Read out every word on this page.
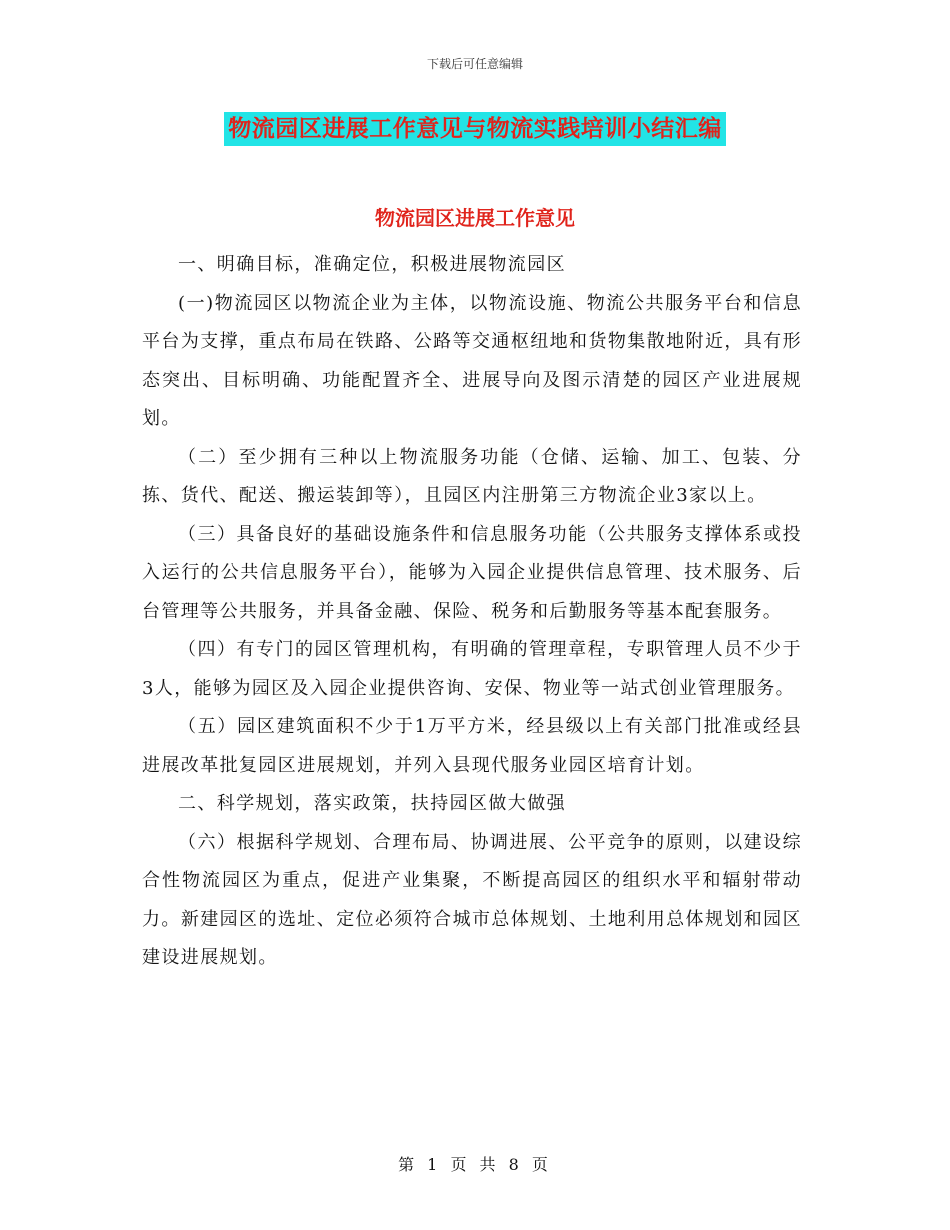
下载后可任意编辑
物流园区进展工作意见与物流实践培训小结汇编
物流园区进展工作意见

一、明确目标，准确定位，积极进展物流园区

(一)物流园区以物流企业为主体，以物流设施、物流公共服务平台和信息平台为支撑，重点布局在铁路、公路等交通枢纽地和货物集散地附近，具有形态突出、目标明确、功能配置齐全、进展导向及图示清楚的园区产业进展规划。

（二）至少拥有三种以上物流服务功能（仓储、运输、加工、包装、分拣、货代、配送、搬运装卸等），且园区内注册第三方物流企业3家以上。

（三）具备良好的基础设施条件和信息服务功能（公共服务支撑体系或投入运行的公共信息服务平台），能够为入园企业提供信息管理、技术服务、后台管理等公共服务，并具备金融、保险、税务和后勤服务等基本配套服务。

（四）有专门的园区管理机构，有明确的管理章程，专职管理人员不少于3人，能够为园区及入园企业提供咨询、安保、物业等一站式创业管理服务。

（五）园区建筑面积不少于1万平方米，经县级以上有关部门批准或经县进展改革批复园区进展规划，并列入县现代服务业园区培育计划。

二、科学规划，落实政策，扶持园区做大做强

（六）根据科学规划、合理布局、协调进展、公平竞争的原则，以建设综合性物流园区为重点，促进产业集聚，不断提高园区的组织水平和辐射带动力。新建园区的选址、定位必须符合城市总体规划、土地利用总体规划和园区建设进展规划。

第 1 页 共 8 页
